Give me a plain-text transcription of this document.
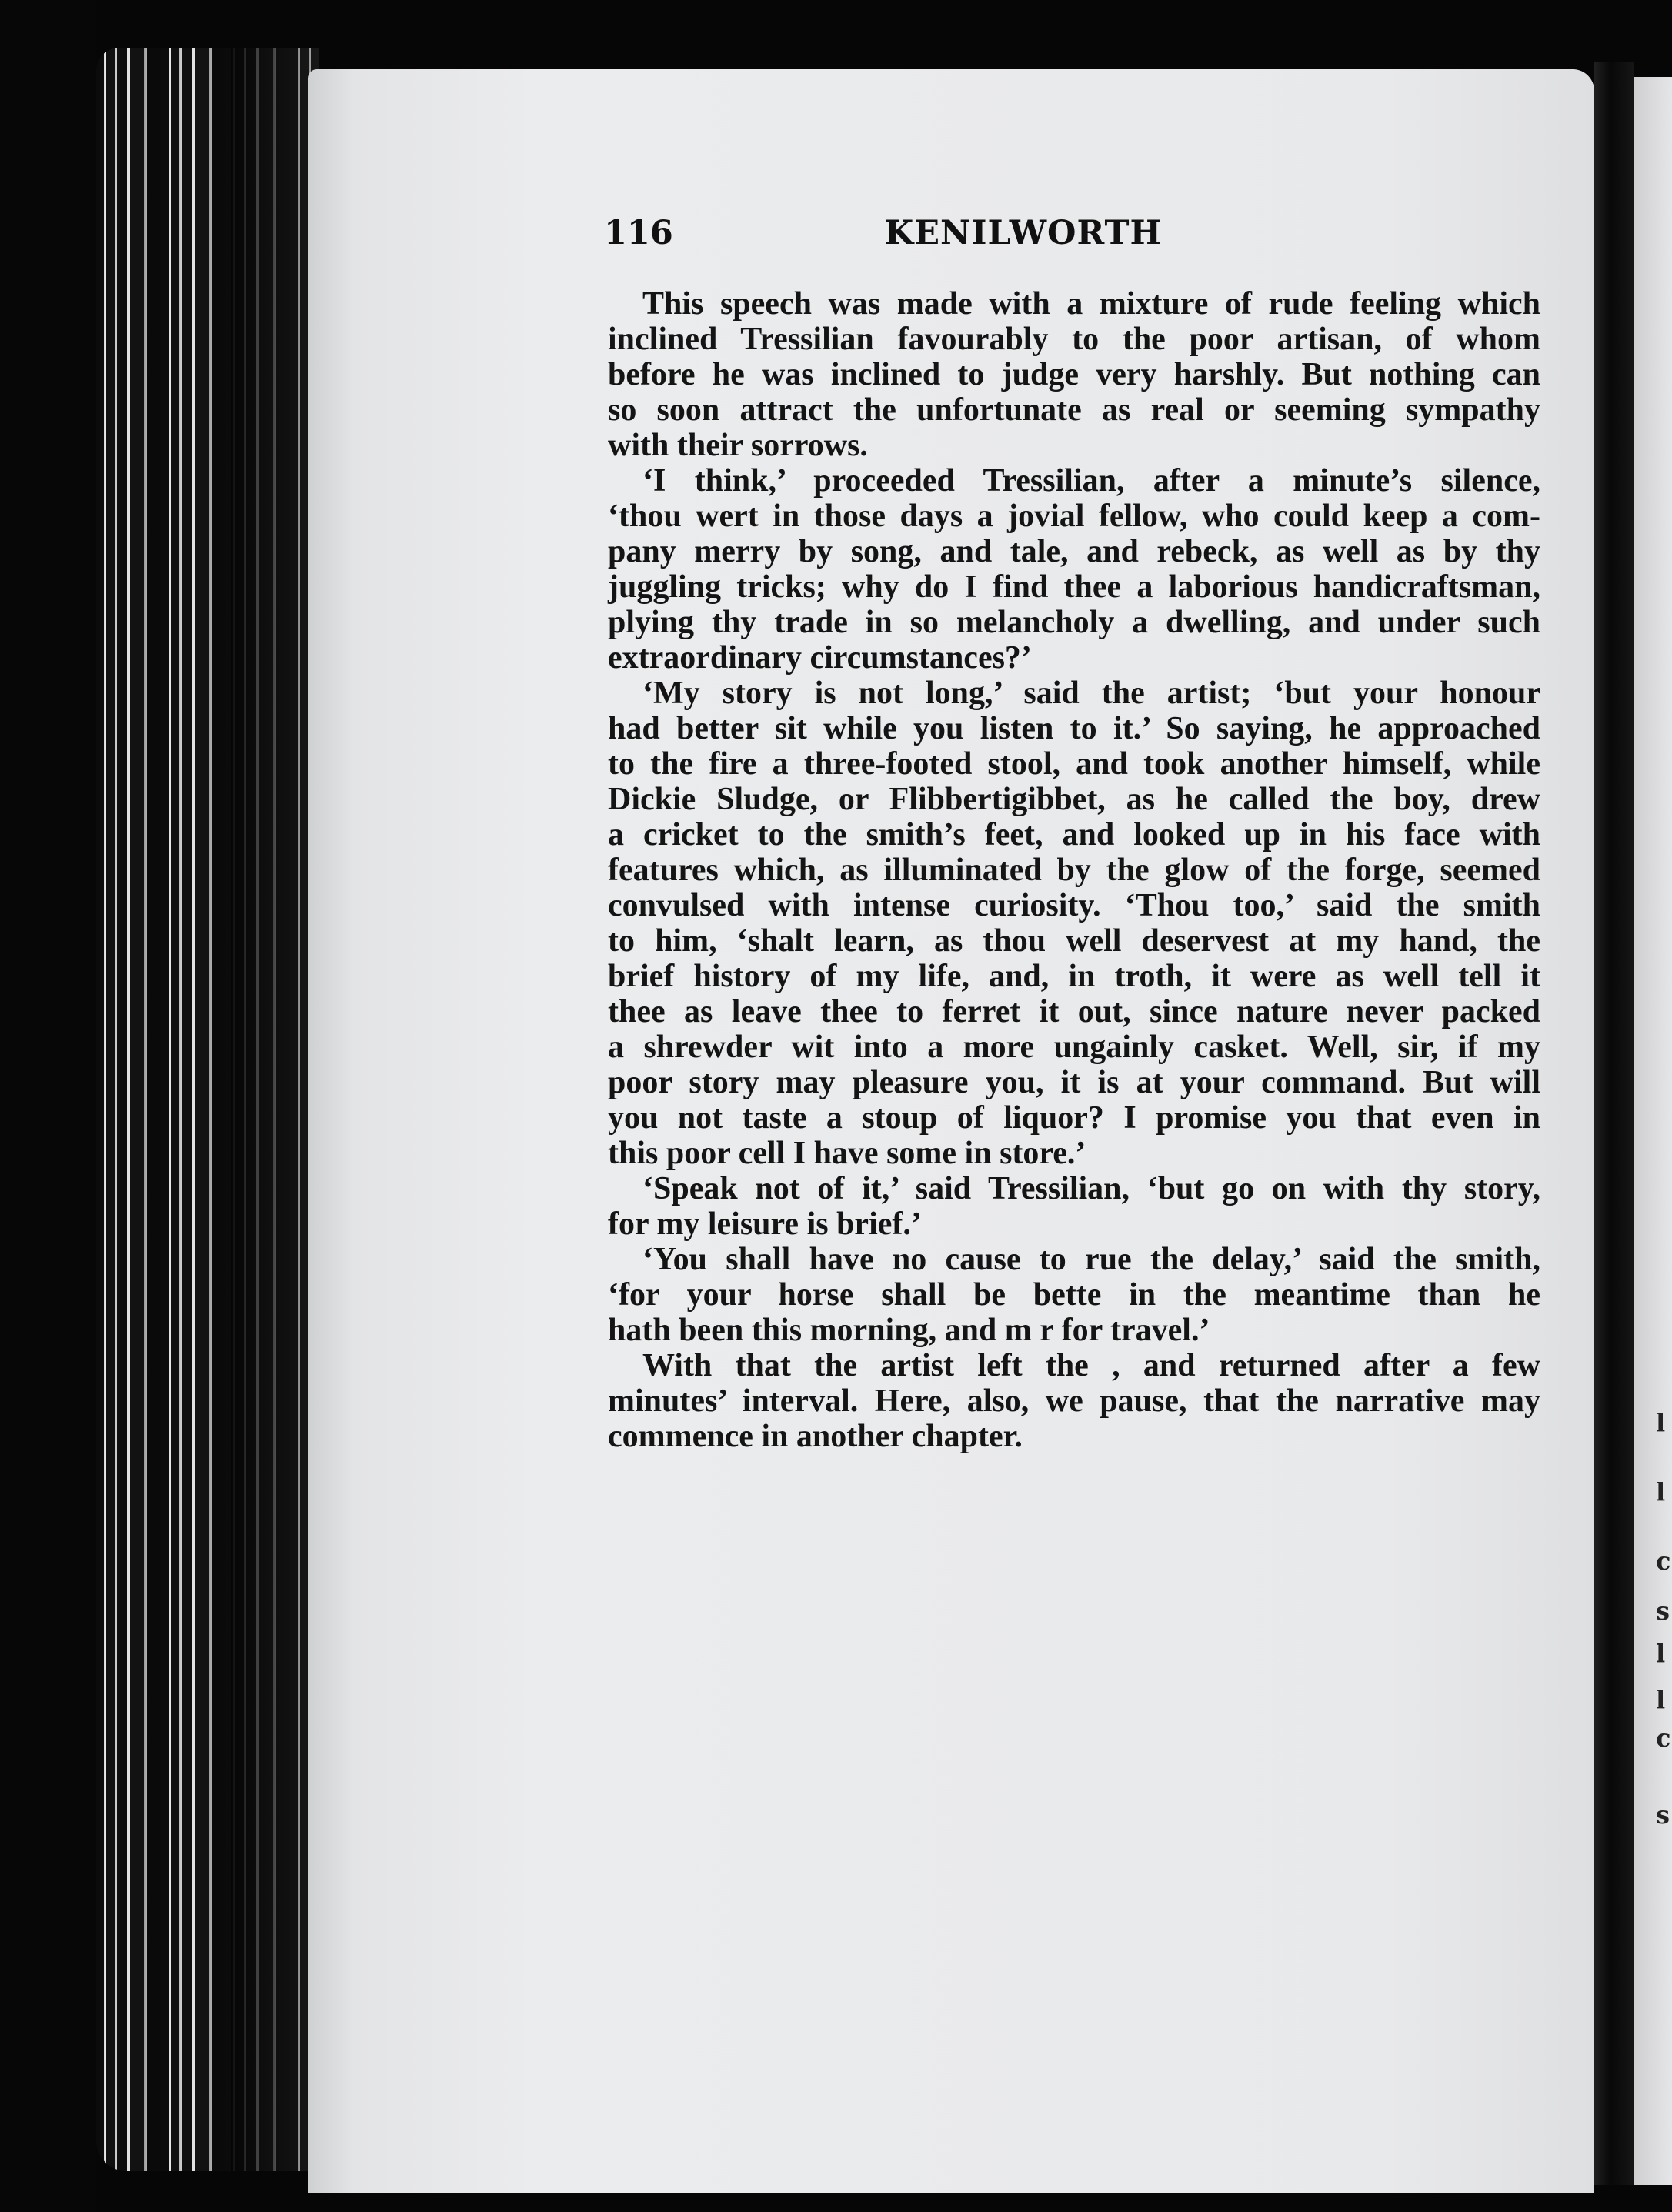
l
l
c
s
l
l
c
s
116	KENILWORTH
This speech was made with a mixture of rude feeling which
inclined Tressilian favourably to the poor artisan, of whom
before he was inclined to judge very harshly. But nothing can
so soon attract the unfortunate as real or seeming sympathy
with their sorrows.
‘I think,’ proceeded Tressilian, after a minute’s silence,
‘thou wert in those days a jovial fellow, who could keep a com-
pany merry by song, and tale, and rebeck, as well as by thy
juggling tricks; why do I find thee a laborious handicraftsman,
plying thy trade in so melancholy a dwelling, and under such
extraordinary circumstances?’
‘My story is not long,’ said the artist; ‘but your honour
had better sit while you listen to it.’ So saying, he approached
to the fire a three-footed stool, and took another himself, while
Dickie Sludge, or Flibbertigibbet, as he called the boy, drew
a cricket to the smith’s feet, and looked up in his face with
features which, as illuminated by the glow of the forge, seemed
convulsed with intense curiosity. ‘Thou too,’ said the smith
to him, ‘shalt learn, as thou well deservest at my hand, the
brief history of my life, and, in troth, it were as well tell it
thee as leave thee to ferret it out, since nature never packed
a shrewder wit into a more ungainly casket. Well, sir, if my
poor story may pleasure you, it is at your command. But will
you not taste a stoup of liquor? I promise you that even in
this poor cell I have some in store.’
‘Speak not of it,’ said Tressilian, ‘but go on with thy story,
for my leisure is brief.’
‘You shall have no cause to rue the delay,’ said the smith,
‘for your horse shall be bette in the meantime than he
hath been this morning, and m r for travel.’
With that the artist left the , and returned after a few
minutes’ interval. Here, also, we pause, that the narrative may
commence in another chapter.
